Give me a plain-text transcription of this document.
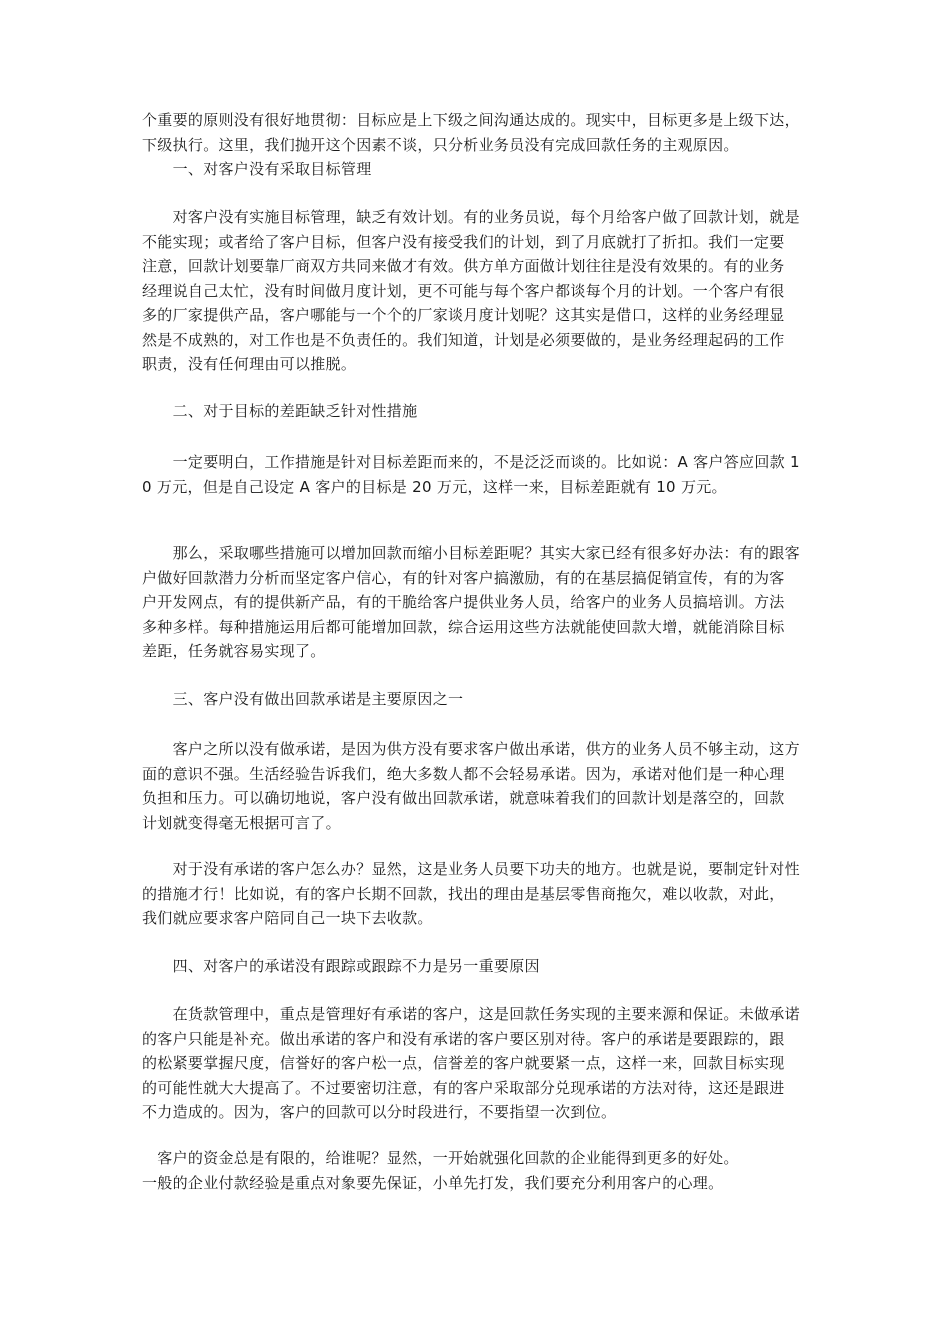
个重要的原则没有很好地贯彻：目标应是上下级之间沟通达成的。现实中，目标更多是上级下达，
下级执行。这里，我们抛开这个因素不谈，只分析业务员没有完成回款任务的主观原因。
　　一、对客户没有采取目标管理
　　对客户没有实施目标管理，缺乏有效计划。有的业务员说，每个月给客户做了回款计划，就是
不能实现；或者给了客户目标，但客户没有接受我们的计划，到了月底就打了折扣。我们一定要
注意，回款计划要靠厂商双方共同来做才有效。供方单方面做计划往往是没有效果的。有的业务
经理说自己太忙，没有时间做月度计划，更不可能与每个客户都谈每个月的计划。一个客户有很
多的厂家提供产品，客户哪能与一个个的厂家谈月度计划呢？这其实是借口，这样的业务经理显
然是不成熟的，对工作也是不负责任的。我们知道，计划是必须要做的，是业务经理起码的工作
职责，没有任何理由可以推脱。
　　二、对于目标的差距缺乏针对性措施
　　一定要明白，工作措施是针对目标差距而来的，不是泛泛而谈的。比如说：A 客户答应回款 1
0 万元，但是自己设定 A 客户的目标是 20 万元，这样一来，目标差距就有 10 万元。
　　那么，采取哪些措施可以增加回款而缩小目标差距呢？其实大家已经有很多好办法：有的跟客
户做好回款潜力分析而坚定客户信心，有的针对客户搞激励，有的在基层搞促销宣传，有的为客
户开发网点，有的提供新产品，有的干脆给客户提供业务人员，给客户的业务人员搞培训。方法
多种多样。每种措施运用后都可能增加回款，综合运用这些方法就能使回款大增，就能消除目标
差距，任务就容易实现了。
　　三、客户没有做出回款承诺是主要原因之一
　　客户之所以没有做承诺，是因为供方没有要求客户做出承诺，供方的业务人员不够主动，这方
面的意识不强。生活经验告诉我们，绝大多数人都不会轻易承诺。因为，承诺对他们是一种心理
负担和压力。可以确切地说，客户没有做出回款承诺，就意味着我们的回款计划是落空的，回款
计划就变得毫无根据可言了。
　　对于没有承诺的客户怎么办？显然，这是业务人员要下功夫的地方。也就是说，要制定针对性
的措施才行！比如说，有的客户长期不回款，找出的理由是基层零售商拖欠，难以收款，对此，
我们就应要求客户陪同自己一块下去收款。
　　四、对客户的承诺没有跟踪或跟踪不力是另一重要原因
　　在货款管理中，重点是管理好有承诺的客户，这是回款任务实现的主要来源和保证。未做承诺
的客户只能是补充。做出承诺的客户和没有承诺的客户要区别对待。客户的承诺是要跟踪的，跟
的松紧要掌握尺度，信誉好的客户松一点，信誉差的客户就要紧一点，这样一来，回款目标实现
的可能性就大大提高了。不过要密切注意，有的客户采取部分兑现承诺的方法对待，这还是跟进
不力造成的。因为，客户的回款可以分时段进行，不要指望一次到位。
　客户的资金总是有限的，给谁呢？显然，一开始就强化回款的企业能得到更多的好处。
一般的企业付款经验是重点对象要先保证，小单先打发，我们要充分利用客户的心理。
